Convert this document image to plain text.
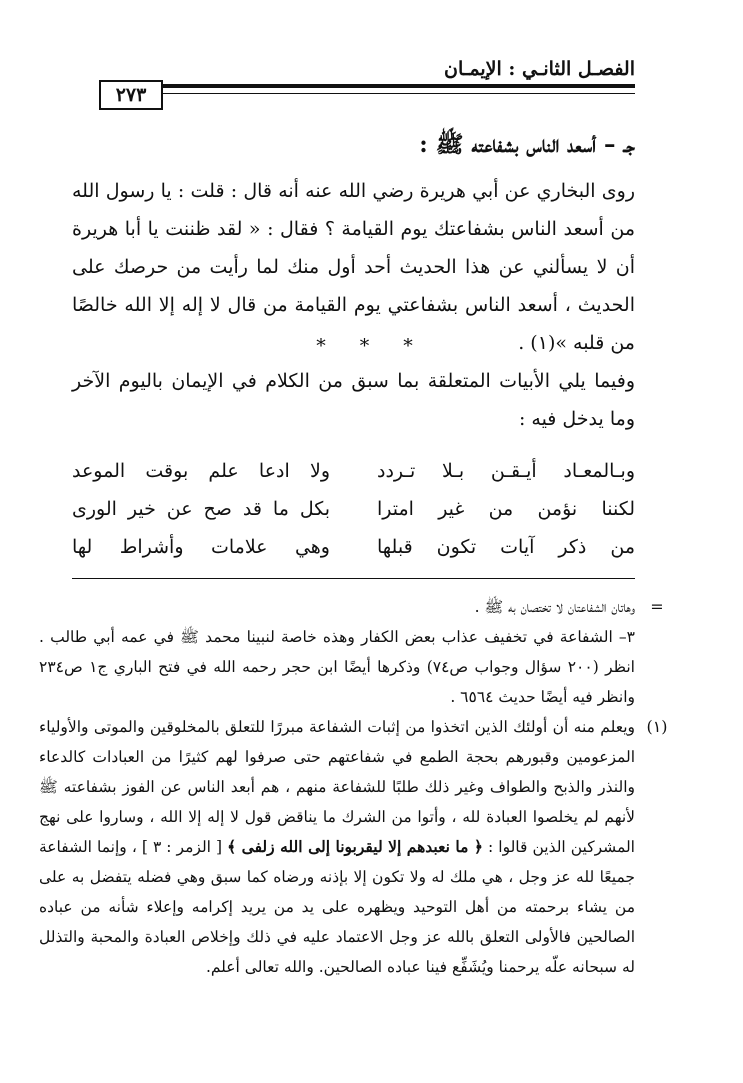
الفصـل الثانـي : الإيمـان
٢٧٣
جـ – أسعد الناس بشفاعته ﷺ :
روى البخاري عن أبي هريرة رضي الله عنه أنه قال : قلت : يا رسول الله من أسعد الناس بشفاعتك يوم القيامة ؟ فقال : « لقد ظننت يا أبا هريرة أن لا يسألني عن هذا الحديث أحد أول منك لما رأيت من حرصك على الحديث ، أسعد الناس بشفاعتي يوم القيامة من قال لا إله إلا الله خالصًا من قلبه »(١) .
* * *
وفيما يلي الأبيات المتعلقة بما سبق من الكلام في الإيمان باليوم الآخر وما يدخل فيه :
وبـالمعـاد أيـقـن بـلا تـردد
ولا ادعا علم بوقت الموعد
لكننا نؤمن من غير امترا
بكل ما قد صح عن خير الورى
من ذكر آيات تكون قبلها
وهي علامات وأشراط لها
=
وهاتان الشفاعتان لا تختصان به ﷺ .
٣– الشفاعة في تخفيف عذاب بعض الكفار وهذه خاصة لنبينا محمد ﷺ في عمه أبي طالب . انظر (٢٠٠ سؤال وجواب ص٧٤) وذكرها أيضًا ابن حجر رحمه الله في فتح الباري ج١ ص٢٣٤ وانظر فيه أيضًا حديث ٦٥٦٤ .
(١)
ويعلم منه أن أولئك الذين اتخذوا من إثبات الشفاعة مبررًا للتعلق بالمخلوقين والموتى والأولياء المزعومين وقبورهم بحجة الطمع في شفاعتهم حتى صرفوا لهم كثيرًا من العبادات كالدعاء والنذر والذبح والطواف وغير ذلك طلبًا للشفاعة منهم ، هم أبعد الناس عن الفوز بشفاعته ﷺ لأنهم لم يخلصوا العبادة لله ، وأتوا من الشرك ما يناقض قول لا إله إلا الله ، وساروا على نهج المشركين الذين قالوا : ﴿ ما نعبدهم إلا ليقربونا إلى الله زلفى ﴾ [ الزمر : ٣ ] ، وإنما الشفاعة جميعًا لله عز وجل ، هي ملك له ولا تكون إلا بإذنه ورضاه كما سبق وهي فضله يتفضل به على من يشاء برحمته من أهل التوحيد ويظهره على يد من يريد إكرامه وإعلاء شأنه من عباده الصالحين فالأولى التعلق بالله عز وجل الاعتماد عليه في ذلك وإخلاص العبادة والمحبة والتذلل له سبحانه علّه يرحمنا ويُشَفِّع فينا عباده الصالحين. والله تعالى أعلم.
